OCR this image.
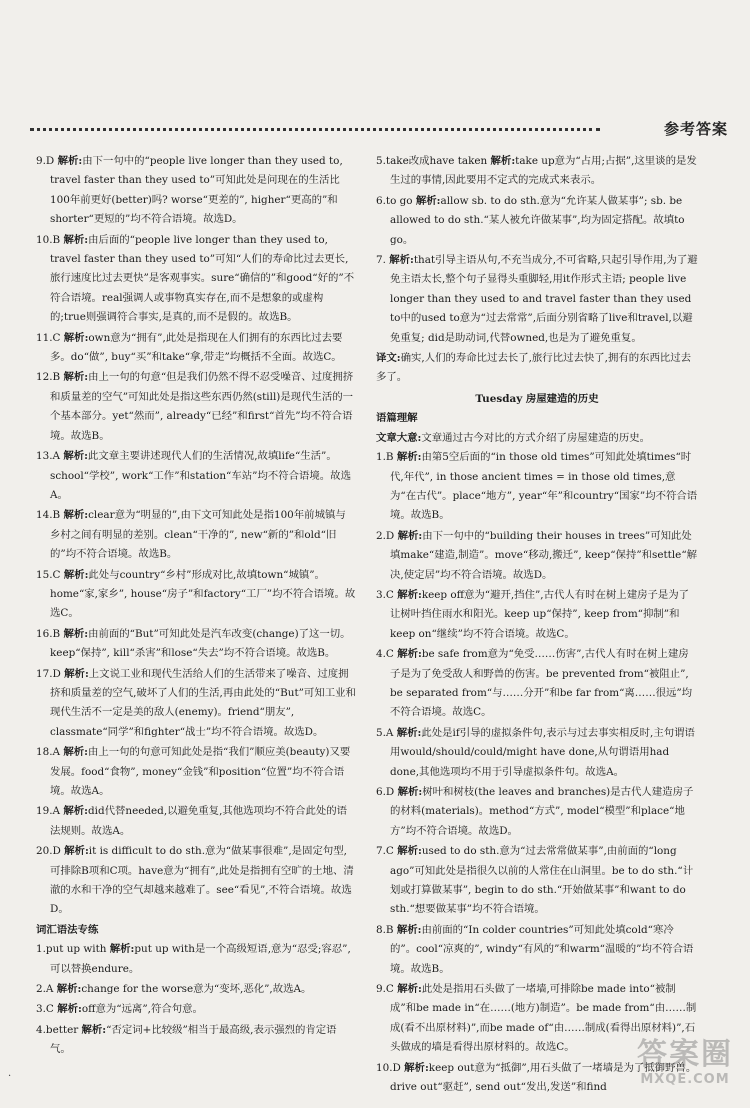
参考答案

9.D 解析:由下一句中的“people live longer than they used to, travel faster than they used to”可知此处是问现在的生活比100年前更好(better)吗? worse“更差的”, higher“更高的”和shorter“更短的”均不符合语境。故选D。

10.B 解析:由后面的“people live longer than they used to, travel faster than they used to”可知“人们的寿命比过去更长,旅行速度比过去更快”是客观事实。sure“确信的”和good“好的”不符合语境。real强调人或事物真实存在,而不是想象的或虚构的;true则强调符合事实,是真的,而不是假的。故选B。

11.C 解析:own意为“拥有”,此处是指现在人们拥有的东西比过去要多。do“做”, buy“买”和take“拿,带走”均概括不全面。故选C。

12.B 解析:由上一句的句意“但是我们仍然不得不忍受噪音、过度拥挤和质量差的空气”可知此处是指这些东西仍然(still)是现代生活的一个基本部分。yet“然而”, already“已经”和first“首先”均不符合语境。故选B。

13.A 解析:此文章主要讲述现代人们的生活情况,故填life“生活”。school“学校”, work“工作”和station“车站”均不符合语境。故选A。

14.B 解析:clear意为“明显的”,由下文可知此处是指100年前城镇与乡村之间有明显的差别。clean“干净的”, new“新的”和old“旧的”均不符合语境。故选B。

15.C 解析:此处与country“乡村”形成对比,故填town“城镇”。home“家,家乡”, house“房子”和factory“工厂”均不符合语境。故选C。

16.B 解析:由前面的“But”可知此处是汽车改变(change)了这一切。keep“保持”, kill“杀害”和lose“失去”均不符合语境。故选B。

17.D 解析:上文说工业和现代生活给人们的生活带来了噪音、过度拥挤和质量差的空气,破坏了人们的生活,再由此处的“But”可知工业和现代生活不一定是美的敌人(enemy)。friend“朋友”, classmate“同学”和fighter“战士”均不符合语境。故选D。

18.A 解析:由上一句的句意可知此处是指“我们”顺应美(beauty)又要发展。food“食物”, money“金钱”和position“位置”均不符合语境。故选A。

19.A 解析:did代替needed,以避免重复,其他选项均不符合此处的语法规则。故选A。

20.D 解析:it is difficult to do sth.意为“做某事很难”,是固定句型,可排除B项和C项。have意为“拥有”,此处是指拥有空旷的土地、清澈的水和干净的空气却越来越难了。see“看见”,不符合语境。故选D。

词汇语法专练

1.put up with 解析:put up with是一个高级短语,意为“忍受;容忍”,可以替换endure。

2.A 解析:change for the worse意为“变坏,恶化”,故选A。

3.C 解析:off意为“远离”,符合句意。

4.better 解析:“否定词+比较级”相当于最高级,表示强烈的肯定语气。

5.take改成have taken 解析:take up意为“占用;占据”,这里谈的是发生过的事情,因此要用不定式的完成式来表示。

6.to go 解析:allow sb. to do sth.意为“允许某人做某事”; sb. be allowed to do sth.“某人被允许做某事”,均为固定搭配。故填to go。

7. 解析:that引导主语从句,不充当成分,不可省略,只起引导作用,为了避免主语太长,整个句子显得头重脚轻,用it作形式主语; people live longer than they used to and travel faster than they used to中的used to意为“过去常常”,后面分别省略了live和travel,以避免重复; did是助动词,代替owned,也是为了避免重复。

译文:确实,人们的寿命比过去长了,旅行比过去快了,拥有的东西比过去多了。

Tuesday 房屋建造的历史

语篇理解

文章大意:文章通过古今对比的方式介绍了房屋建造的历史。

1.B 解析:由第5空后面的“in those old times”可知此处填times“时代,年代”, in those ancient times = in those old times,意为“在古代”。place“地方”, year“年”和country“国家”均不符合语境。故选B。

2.D 解析:由下一句中的“building their houses in trees”可知此处填make“建造,制造”。move“移动,搬迁”, keep“保持”和settle“解决,使定居”均不符合语境。故选D。

3.C 解析:keep off意为“避开,挡住”,古代人有时在树上建房子是为了让树叶挡住雨水和阳光。keep up“保持”, keep from“抑制”和keep on“继续”均不符合语境。故选C。

4.C 解析:be safe from意为“免受……伤害”,古代人有时在树上建房子是为了免受敌人和野兽的伤害。be prevented from“被阻止”, be separated from“与……分开”和be far from“离……很远”均不符合语境。故选C。

5.A 解析:此处是if引导的虚拟条件句,表示与过去事实相反时,主句谓语用would/should/could/might have done,从句谓语用had done,其他选项均不用于引导虚拟条件句。故选A。

6.D 解析:树叶和树枝(the leaves and branches)是古代人建造房子的材料(materials)。method“方式”, model“模型”和place“地方”均不符合语境。故选D。

7.C 解析:used to do sth.意为“过去常常做某事”,由前面的“long ago”可知此处是指很久以前的人常住在山洞里。be to do sth.“计划或打算做某事”, begin to do sth.“开始做某事”和want to do sth.“想要做某事”均不符合语境。

8.B 解析:由前面的“In colder countries”可知此处填cold“寒冷的”。cool“凉爽的”, windy“有风的”和warm“温暖的”均不符合语境。故选B。

9.C 解析:此处是指用石头做了一堵墙,可排除be made into“被制成”和be made in“在……(地方)制造”。be made from“由……制成(看不出原材料)”,而be made of“由……制成(看得出原材料)”,石头做成的墙是看得出原材料的。故选C。

10.D 解析:keep out意为“抵御”,用石头做了一堵墙是为了抵御野兽。drive out“驱赶”, send out“发出,发送”和find

·
答案圈
MXQE.COM
